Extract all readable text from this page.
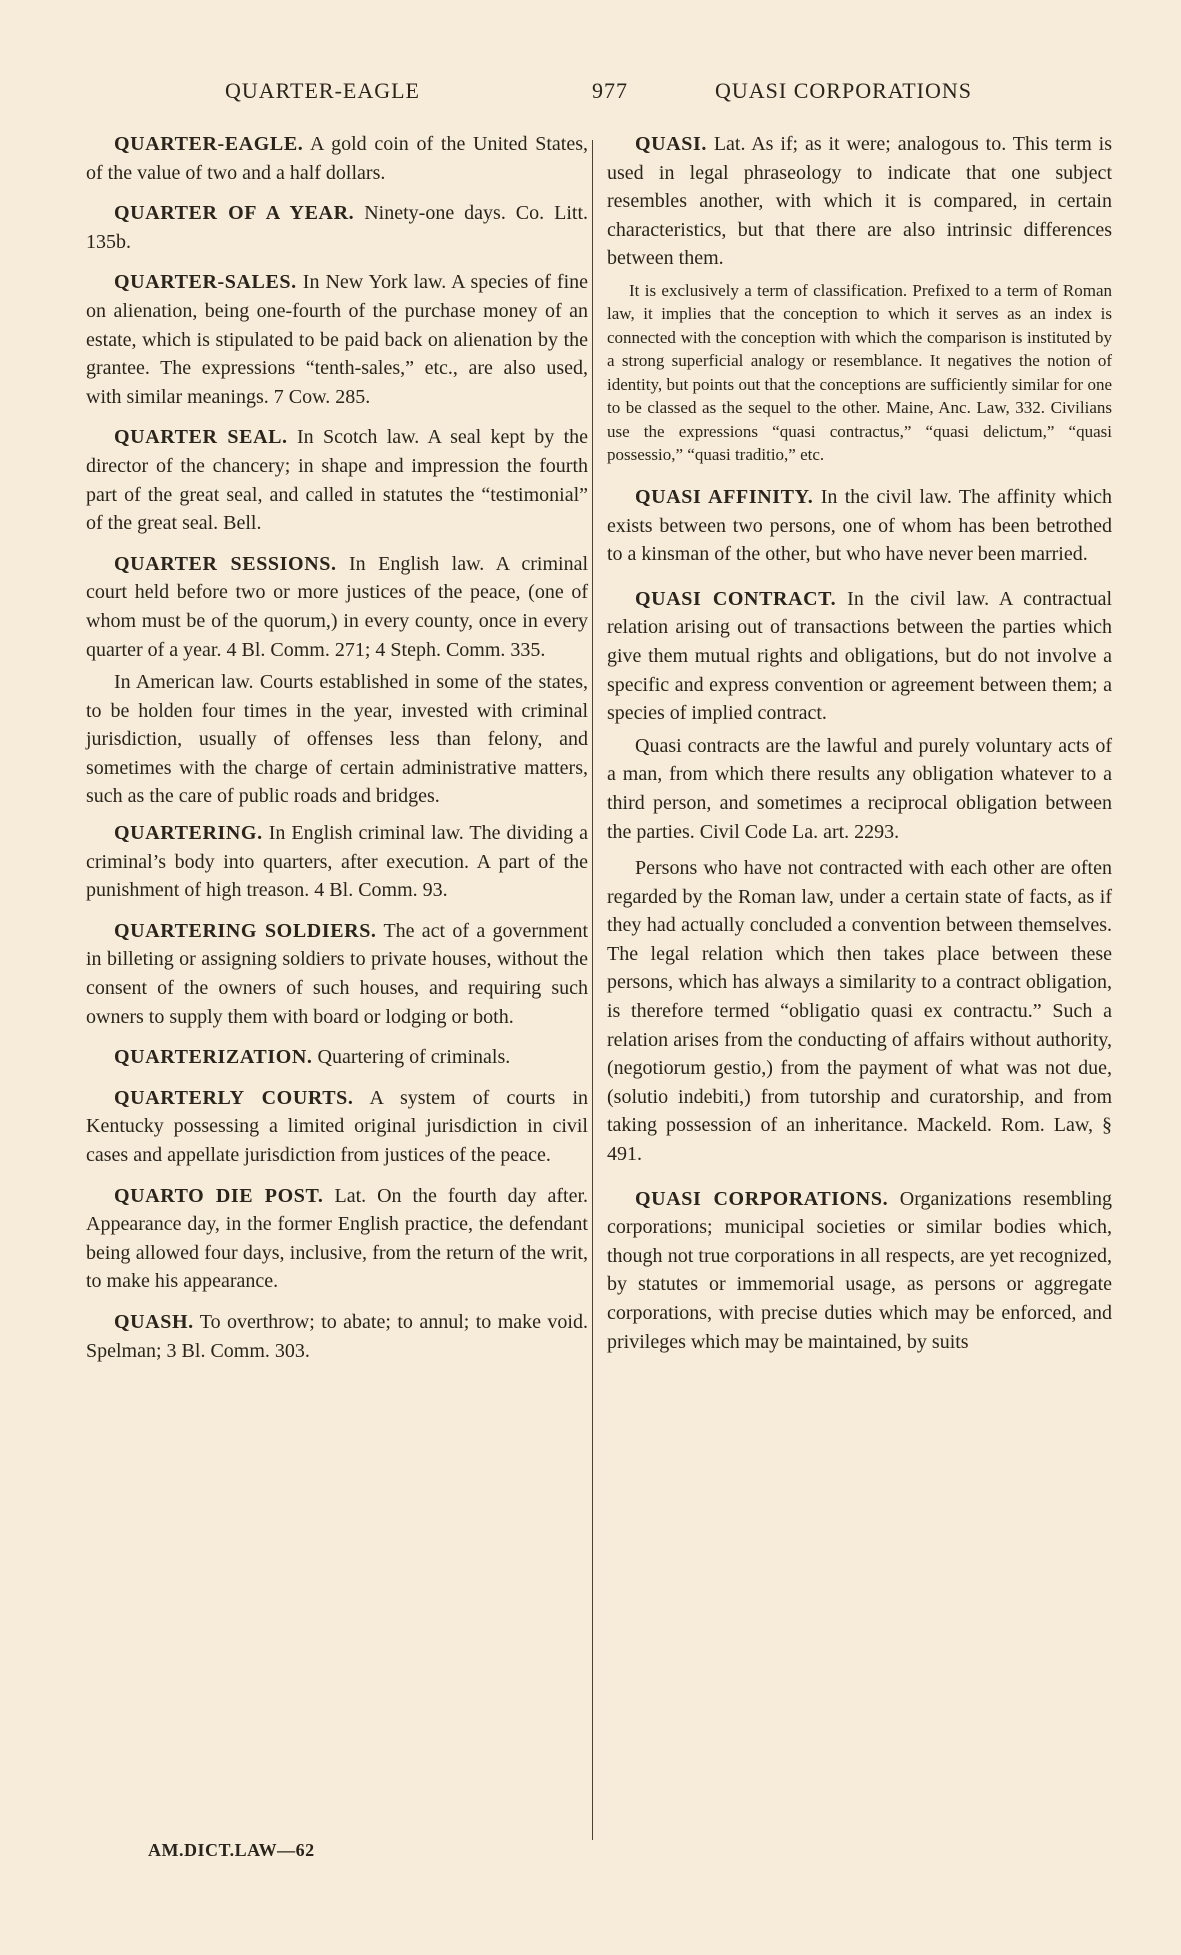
QUARTER-EAGLE	977	QUASI CORPORATIONS

QUARTER-EAGLE. A gold coin of the United States, of the value of two and a half dollars.

QUARTER OF A YEAR. Ninety-one days. Co. Litt. 135b.

QUARTER-SALES. In New York law. A species of fine on alienation, being one-fourth of the purchase money of an estate, which is stipulated to be paid back on alienation by the grantee. The expressions “tenth-sales,” etc., are also used, with similar meanings. 7 Cow. 285.

QUARTER SEAL. In Scotch law. A seal kept by the director of the chancery; in shape and impression the fourth part of the great seal, and called in statutes the “testimonial” of the great seal. Bell.

QUARTER SESSIONS. In English law. A criminal court held before two or more justices of the peace, (one of whom must be of the quorum,) in every county, once in every quarter of a year. 4 Bl. Comm. 271; 4 Steph. Comm. 335.

In American law. Courts established in some of the states, to be holden four times in the year, invested with criminal jurisdiction, usually of offenses less than felony, and sometimes with the charge of certain administrative matters, such as the care of public roads and bridges.

QUARTERING. In English criminal law. The dividing a criminal’s body into quarters, after execution. A part of the punishment of high treason. 4 Bl. Comm. 93.

QUARTERING SOLDIERS. The act of a government in billeting or assigning soldiers to private houses, without the consent of the owners of such houses, and requiring such owners to supply them with board or lodging or both.

QUARTERIZATION. Quartering of criminals.

QUARTERLY COURTS. A system of courts in Kentucky possessing a limited original jurisdiction in civil cases and appellate jurisdiction from justices of the peace.

QUARTO DIE POST. Lat. On the fourth day after. Appearance day, in the former English practice, the defendant being allowed four days, inclusive, from the return of the writ, to make his appearance.

QUASH. To overthrow; to abate; to annul; to make void. Spelman; 3 Bl. Comm. 303.

QUASI. Lat. As if; as it were; analogous to. This term is used in legal phraseology to indicate that one subject resembles another, with which it is compared, in certain characteristics, but that there are also intrinsic differences between them.

It is exclusively a term of classification. Prefixed to a term of Roman law, it implies that the conception to which it serves as an index is connected with the conception with which the comparison is instituted by a strong superficial analogy or resemblance. It negatives the notion of identity, but points out that the conceptions are sufficiently similar for one to be classed as the sequel to the other. Maine, Anc. Law, 332. Civilians use the expressions “quasi contractus,” “quasi delictum,” “quasi possessio,” “quasi traditio,” etc.

QUASI AFFINITY. In the civil law. The affinity which exists between two persons, one of whom has been betrothed to a kinsman of the other, but who have never been married.

QUASI CONTRACT. In the civil law. A contractual relation arising out of transactions between the parties which give them mutual rights and obligations, but do not involve a specific and express convention or agreement between them; a species of implied contract.

Quasi contracts are the lawful and purely voluntary acts of a man, from which there results any obligation whatever to a third person, and sometimes a reciprocal obligation between the parties. Civil Code La. art. 2293.

Persons who have not contracted with each other are often regarded by the Roman law, under a certain state of facts, as if they had actually concluded a convention between themselves. The legal relation which then takes place between these persons, which has always a similarity to a contract obligation, is therefore termed “obligatio quasi ex contractu.” Such a relation arises from the conducting of affairs without authority, (negotiorum gestio,) from the payment of what was not due, (solutio indebiti,) from tutorship and curatorship, and from taking possession of an inheritance. Mackeld. Rom. Law, § 491.

QUASI CORPORATIONS. Organizations resembling corporations; municipal societies or similar bodies which, though not true corporations in all respects, are yet recognized, by statutes or immemorial usage, as persons or aggregate corporations, with precise duties which may be enforced, and privileges which may be maintained, by suits

AM.DICT.LAW—62
